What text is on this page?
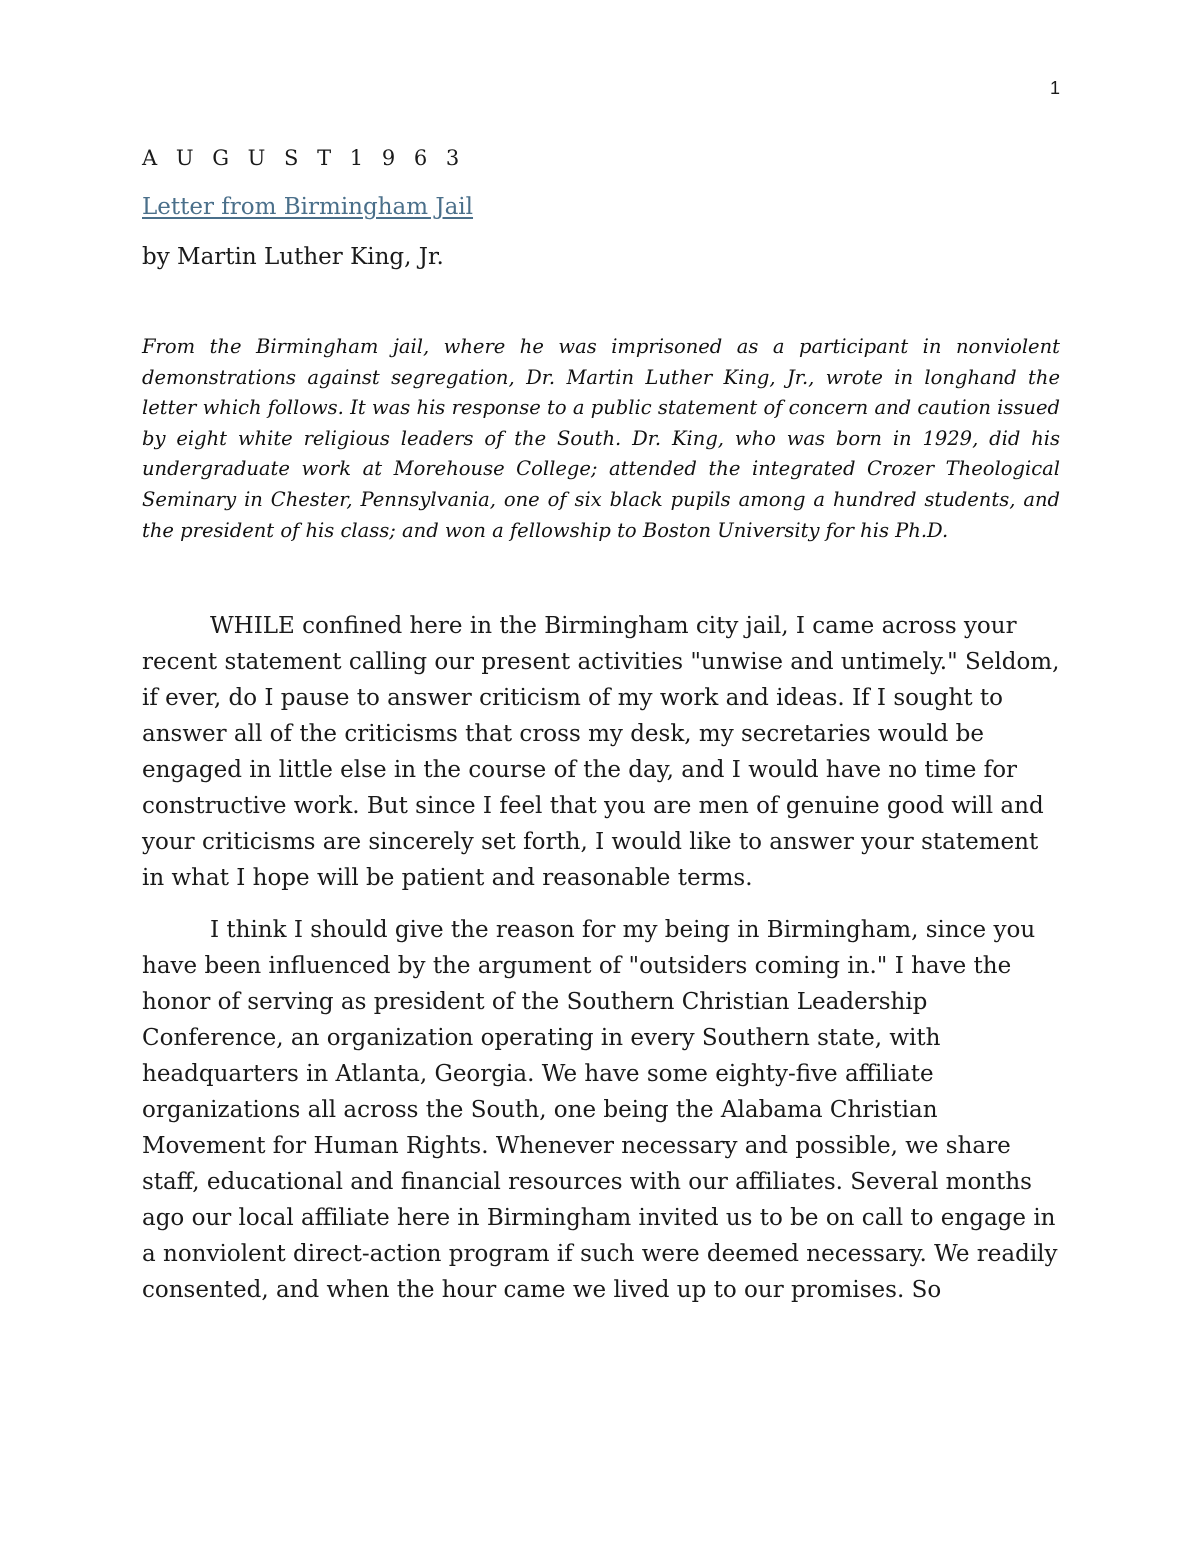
1
A U G U S T 1 9 6 3
Letter from Birmingham Jail
by Martin Luther King, Jr.

From the Birmingham jail, where he was imprisoned as a participant in nonviolent demonstrations against segregation, Dr. Martin Luther King, Jr., wrote in longhand the letter which follows. It was his response to a public statement of concern and caution issued by eight white religious leaders of the South. Dr. King, who was born in 1929, did his undergraduate work at Morehouse College; attended the integrated Crozer Theological Seminary in Chester, Pennsylvania, one of six black pupils among a hundred students, and the president of his class; and won a fellowship to Boston University for his Ph.D.

WHILE confined here in the Birmingham city jail, I came across your recent statement calling our present activities "unwise and untimely." Seldom, if ever, do I pause to answer criticism of my work and ideas. If I sought to answer all of the criticisms that cross my desk, my secretaries would be engaged in little else in the course of the day, and I would have no time for constructive work. But since I feel that you are men of genuine good will and your criticisms are sincerely set forth, I would like to answer your statement in what I hope will be patient and reasonable terms.

I think I should give the reason for my being in Birmingham, since you have been influenced by the argument of "outsiders coming in." I have the honor of serving as president of the Southern Christian Leadership Conference, an organization operating in every Southern state, with headquarters in Atlanta, Georgia. We have some eighty-five affiliate organizations all across the South, one being the Alabama Christian Movement for Human Rights. Whenever necessary and possible, we share staff, educational and financial resources with our affiliates. Several months ago our local affiliate here in Birmingham invited us to be on call to engage in a nonviolent direct-action program if such were deemed necessary. We readily consented, and when the hour came we lived up to our promises. So
